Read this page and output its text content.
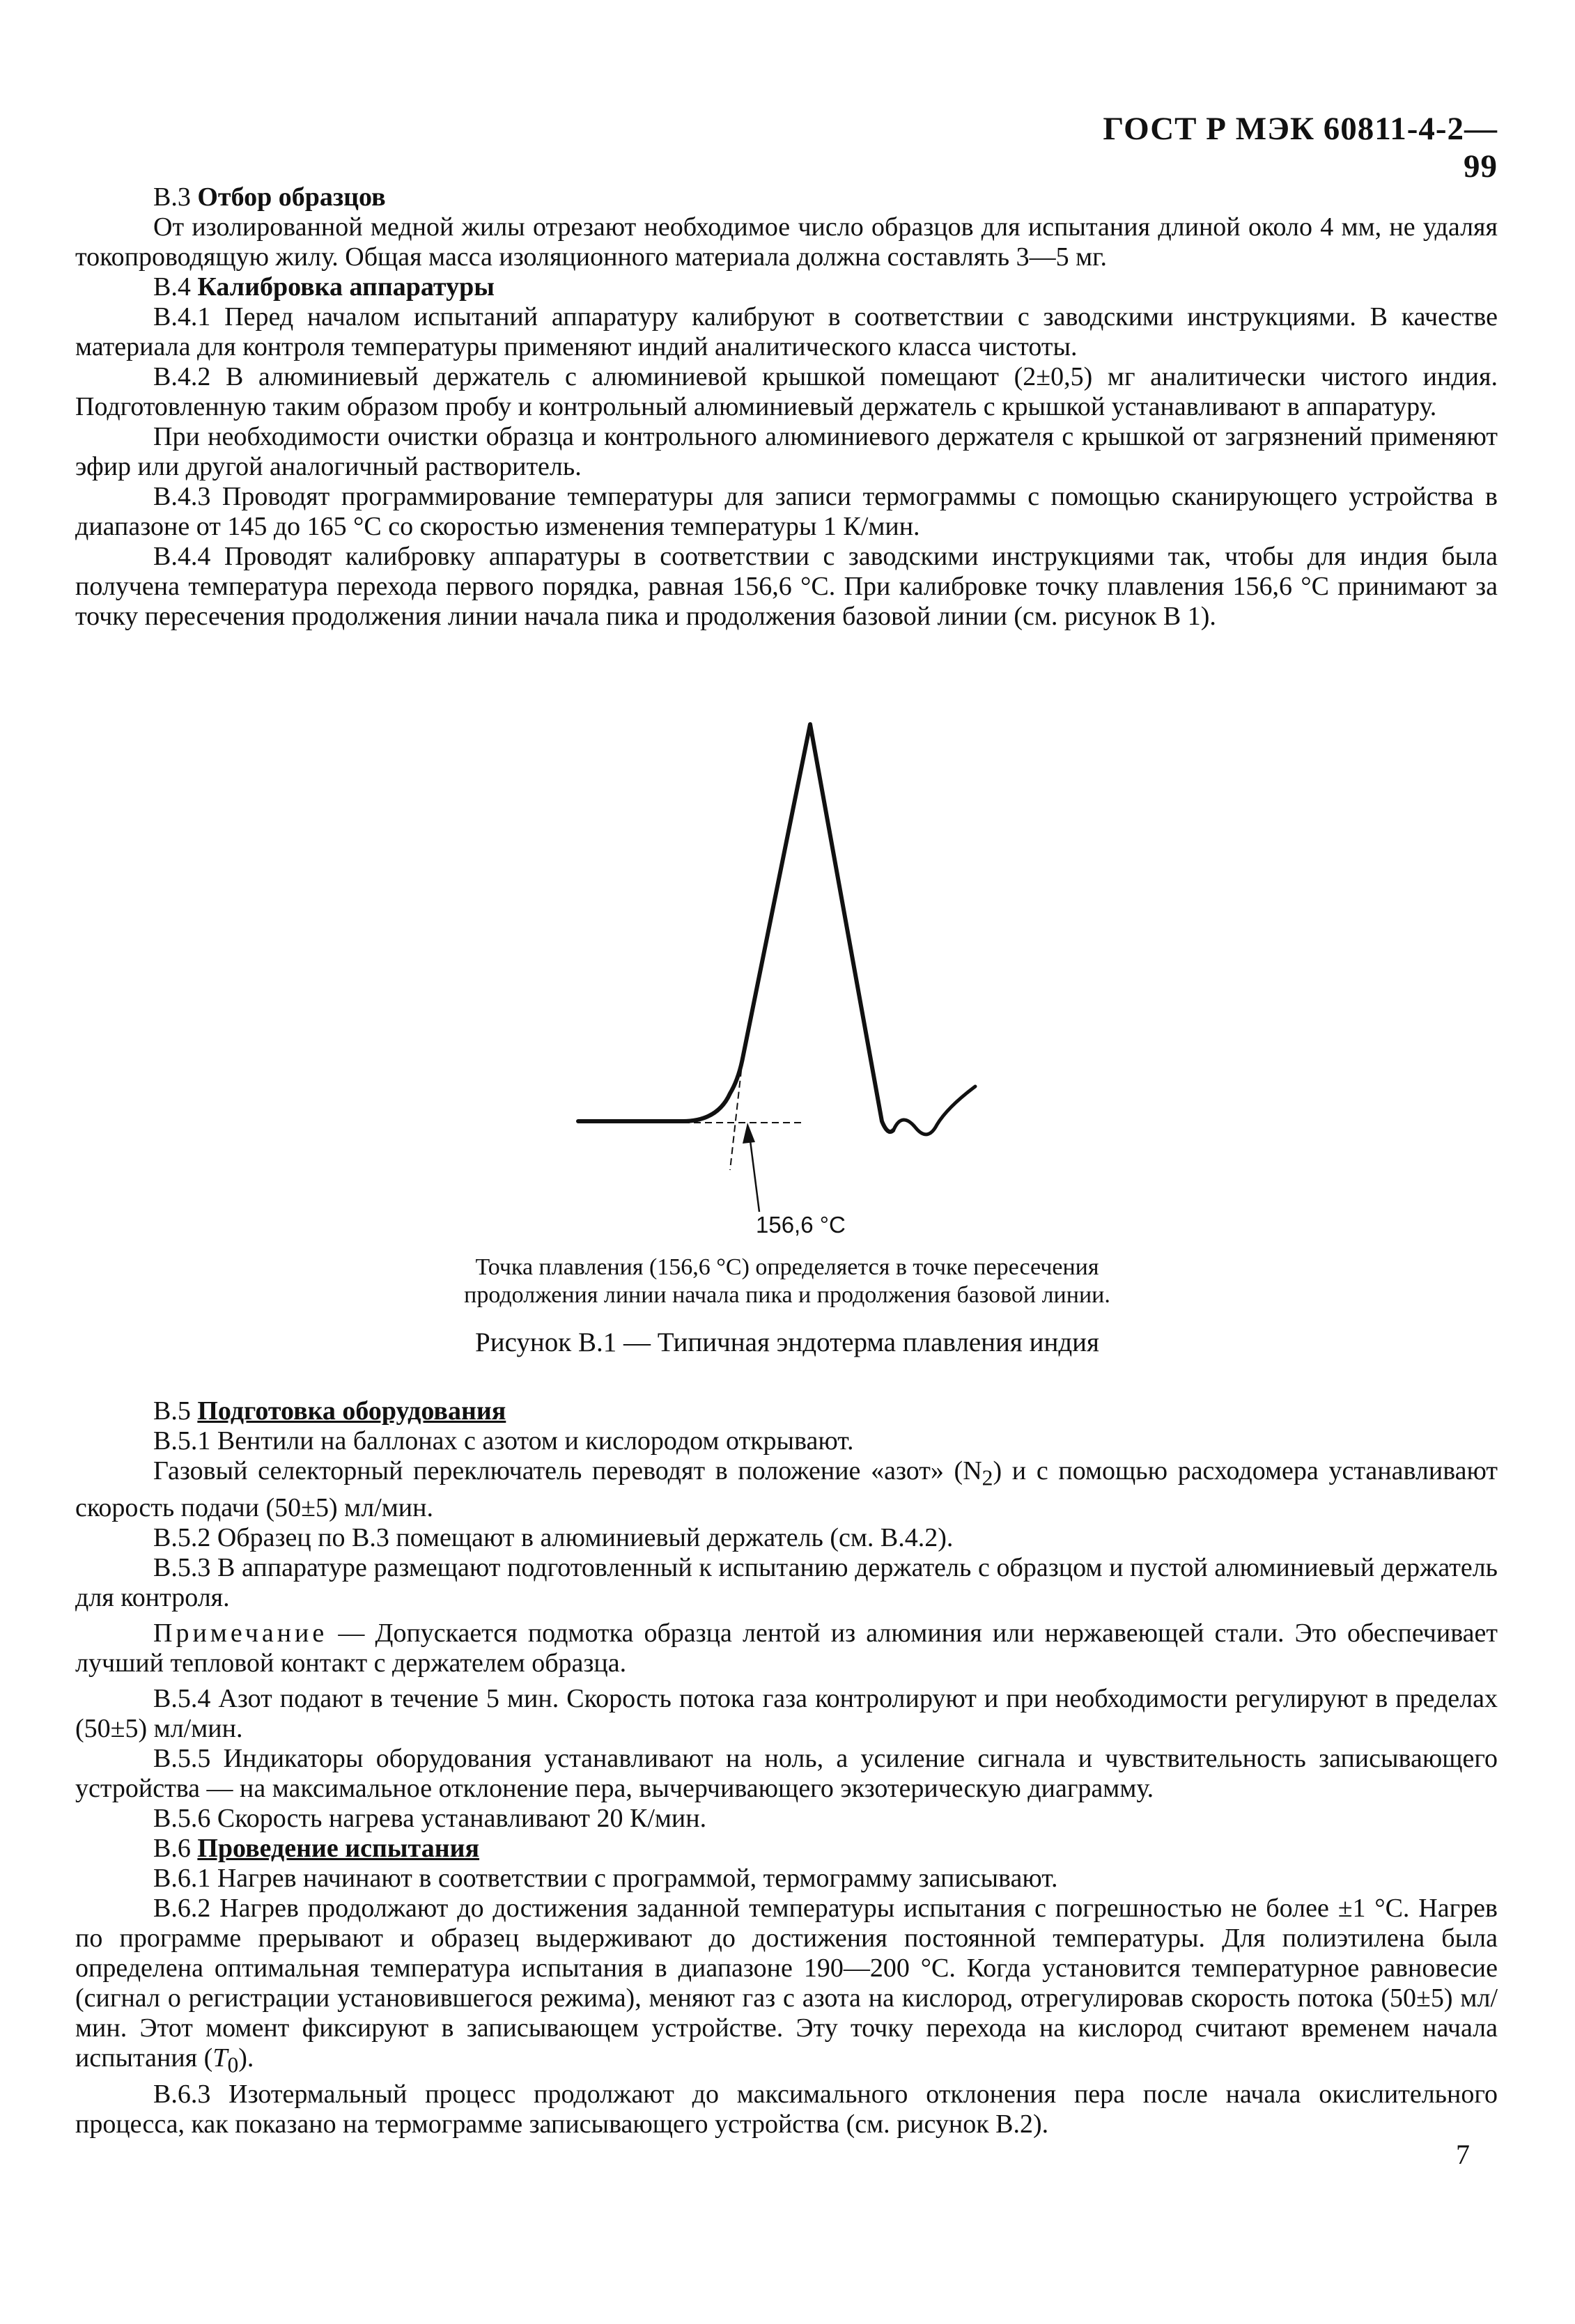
ГОСТ Р МЭК 60811-4-2—99

В.3 Отбор образцов

От изолированной медной жилы отрезают необходимое число образцов для испытания длиной около 4 мм, не удаляя токопроводящую жилу. Общая масса изоляционного материала должна составлять 3—5 мг.

В.4 Калибровка аппаратуры

В.4.1 Перед началом испытаний аппаратуру калибруют в соответствии с заводскими инструкциями. В качестве материала для контроля температуры применяют индий аналитического класса чистоты.

В.4.2 В алюминиевый держатель с алюминиевой крышкой помещают (2±0,5) мг аналитически чистого индия. Подготовленную таким образом пробу и контрольный алюминиевый держатель с крышкой устанавливают в аппаратуру.

При необходимости очистки образца и контрольного алюминиевого держателя с крышкой от загрязнений применяют эфир или другой аналогичный растворитель.

В.4.3 Проводят программирование температуры для записи термограммы с помощью сканирующего устройства в диапазоне от 145 до 165 °С со скоростью изменения температуры 1 К/мин.

В.4.4 Проводят калибровку аппаратуры в соответствии с заводскими инструкциями так, чтобы для индия была получена температура перехода первого порядка, равная 156,6 °С. При калибровке точку плавления 156,6 °С принимают за точку пересечения продолжения линии начала пика и продолжения базовой линии (см. рисунок В 1).

156,6 °C
Точка плавления (156,6 °С) определяется в точке пересечения
продолжения линии начала пика и продолжения базовой линии.
Рисунок В.1 — Типичная эндотерма плавления индия

В.5 Подготовка оборудования

В.5.1 Вентили на баллонах с азотом и кислородом открывают.

Газовый селекторный переключатель переводят в положение «азот» $(N_2)$ и с помощью расходомера устанавливают скорость подачи (50±5) мл/мин.

В.5.2 Образец по В.3 помещают в алюминиевый держатель (см. В.4.2).

В.5.3 В аппаратуре размещают подготовленный к испытанию держатель с образцом и пустой алюминиевый держатель для контроля.

Примечание — Допускается подмотка образца лентой из алюминия или нержавеющей стали. Это обеспечивает лучший тепловой контакт с держателем образца.

В.5.4 Азот подают в течение 5 мин. Скорость потока газа контролируют и при необходимости регулируют в пределах (50±5) мл/мин.

В.5.5 Индикаторы оборудования устанавливают на ноль, а усиление сигнала и чувствительность записывающего устройства — на максимальное отклонение пера, вычерчивающего экзотерическую диаграмму.

В.5.6 Скорость нагрева устанавливают 20 К/мин.

В.6 Проведение испытания

В.6.1 Нагрев начинают в соответствии с программой, термограмму записывают.

В.6.2 Нагрев продолжают до достижения заданной температуры испытания с погрешностью не более ±1 °С. Нагрев по программе прерывают и образец выдерживают до достижения постоянной температуры. Для полиэтилена была определена оптимальная температура испытания в диапазоне 190—200 °С. Когда установится температурное равновесие (сигнал о регистрации установившегося режима), меняют газ с азота на кислород, отрегулировав скорость потока (50±5) мл/мин. Этот момент фиксируют в записывающем устройстве. Эту точку перехода на кислород считают временем начала испытания $(T_0)$.

В.6.3 Изотермальный процесс продолжают до максимального отклонения пера после начала окислительного процесса, как показано на термограмме записывающего устройства (см. рисунок В.2).

7
